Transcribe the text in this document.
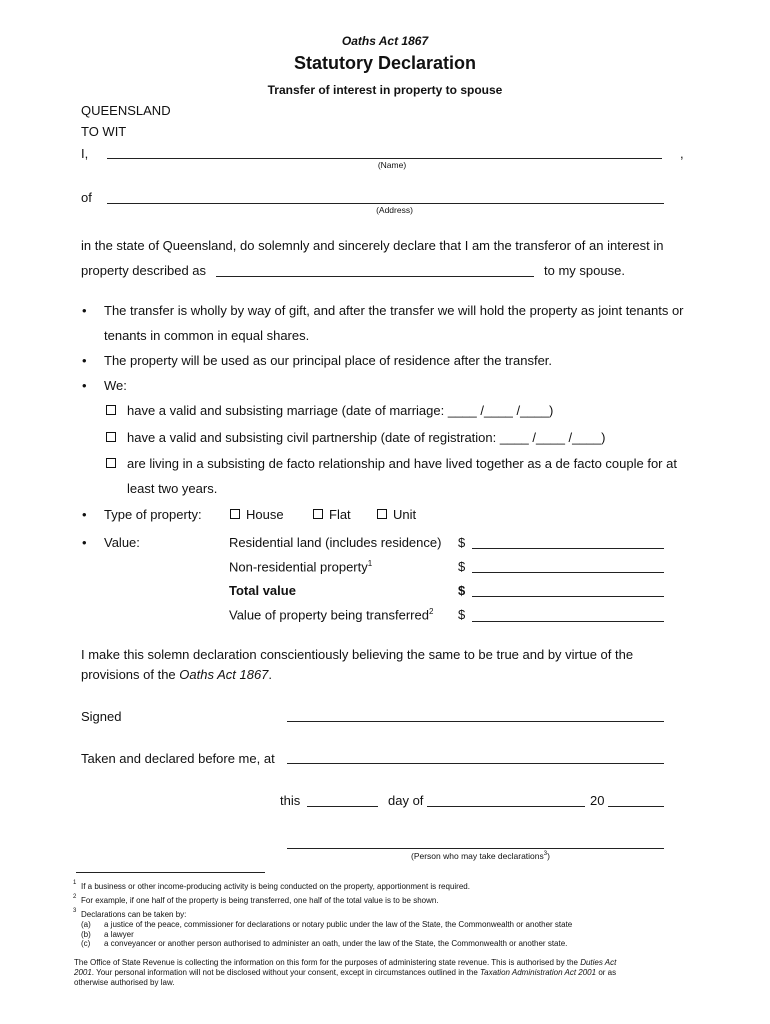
Oaths Act 1867
Statutory Declaration
Transfer of interest in property to spouse
QUEENSLAND
TO WIT
I,	,
(Name)
of
(Address)
in the state of Queensland, do solemnly and sincerely declare that I am the transferor of an interest in
property described as	to my spouse.
• The transfer is wholly by way of gift, and after the transfer we will hold the property as joint tenants or
tenants in common in equal shares.
• The property will be used as our principal place of residence after the transfer.
• We:
have a valid and subsisting marriage (date of marriage: ____ /____ /____)
have a valid and subsisting civil partnership (date of registration: ____ /____ /____)
are living in a subsisting de facto relationship and have lived together as a de facto couple for at
least two years.
• Type of property:	House	Flat	Unit
• Value:	Residential land (includes residence) $
Non-residential property$^1$	$
Total value	$
Value of property being transferred$^2$ $
I make this solemn declaration conscientiously believing the same to be true and by virtue of the
provisions of the Oaths Act 1867.
Signed
Taken and declared before me, at
this	day of	20
(Person who may take declarations$^3$)
1 If a business or other income-producing activity is being conducted on the property, apportionment is required.
2 For example, if one half of the property is being transferred, one half of the total value is to be shown.
3 Declarations can be taken by:
(a) a justice of the peace, commissioner for declarations or notary public under the law of the State, the Commonwealth or another state
(b) a lawyer
(c) a conveyancer or another person authorised to administer an oath, under the law of the State, the Commonwealth or another state.
The Office of State Revenue is collecting the information on this form for the purposes of administering state revenue. This is authorised by the Duties Act
2001. Your personal information will not be disclosed without your consent, except in circumstances outlined in the Taxation Administration Act 2001 or as
otherwise authorised by law.
